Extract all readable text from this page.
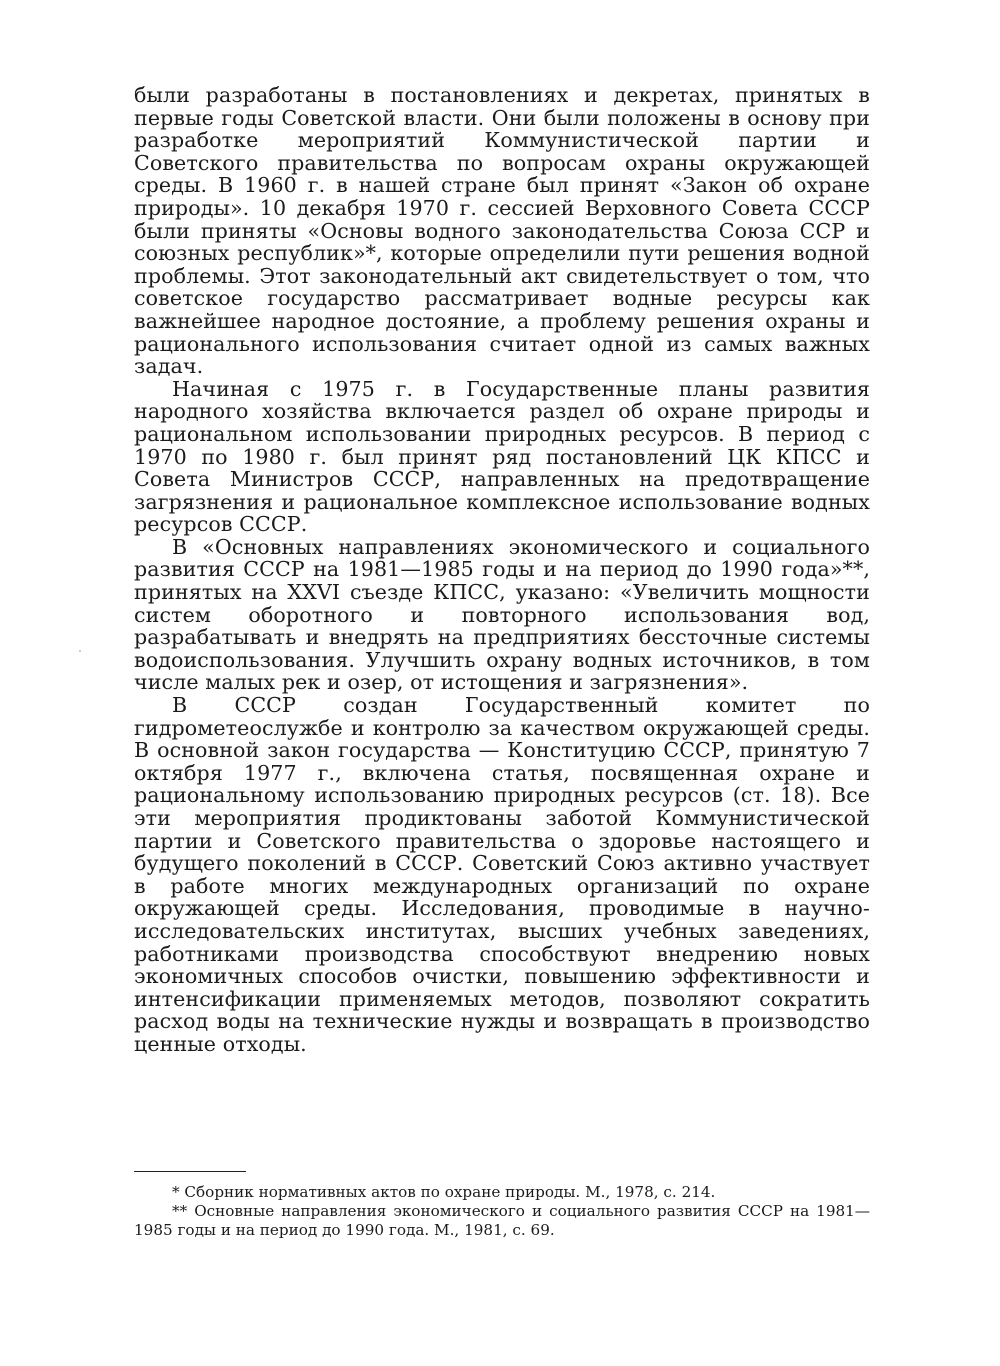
были разработаны в постановлениях и декретах, принятых в первые годы Советской власти. Они были положены в основу при разработке мероприятий Коммунистической партии и Советского правительства по вопросам охраны окружающей среды. В 1960 г. в нашей стране был принят «Закон об охране природы». 10 декабря 1970 г. сессией Верховного Совета СССР были приняты «Основы водного законодательства Союза ССР и союзных республик»*, которые определили пути решения водной проблемы. Этот законодательный акт свидетельствует о том, что советское государство рассматривает водные ресурсы как важнейшее народное достояние, а проблему решения охраны и рационального использования считает одной из самых важных задач.

Начиная с 1975 г. в Государственные планы развития народного хозяйства включается раздел об охране природы и рациональном использовании природных ресурсов. В период с 1970 по 1980 г. был принят ряд постановлений ЦК КПСС и Совета Министров СССР, направленных на предотвращение загрязнения и рациональное комплексное использование водных ресурсов СССР.

В «Основных направлениях экономического и социального развития СССР на 1981—1985 годы и на период до 1990 года»**, принятых на XXVI съезде КПСС, указано: «Увеличить мощности систем оборотного и повторного использования вод, разрабатывать и внедрять на предприятиях бессточные системы водоиспользования. Улучшить охрану водных источников, в том числе малых рек и озер, от истощения и загрязнения».

В СССР создан Государственный комитет по гидрометеослужбе и контролю за качеством окружающей среды. В основной закон государства — Конституцию СССР, принятую 7 октября 1977 г., включена статья, посвященная охране и рациональному использованию природных ресурсов (ст. 18). Все эти мероприятия продиктованы заботой Коммунистической партии и Советского правительства о здоровье настоящего и будущего поколений в СССР. Советский Союз активно участвует в работе многих международных организаций по охране окружающей среды. Исследования, проводимые в научно-исследовательских институтах, высших учебных заведениях, работниками производства способствуют внедрению новых экономичных способов очистки, повышению эффективности и интенсификации применяемых методов, позволяют сократить расход воды на технические нужды и возвращать в производство ценные отходы.

* Сборник нормативных актов по охране природы. М., 1978, с. 214.

** Основные направления экономического и социального развития СССР на 1981—1985 годы и на период до 1990 года. М., 1981, с. 69.
